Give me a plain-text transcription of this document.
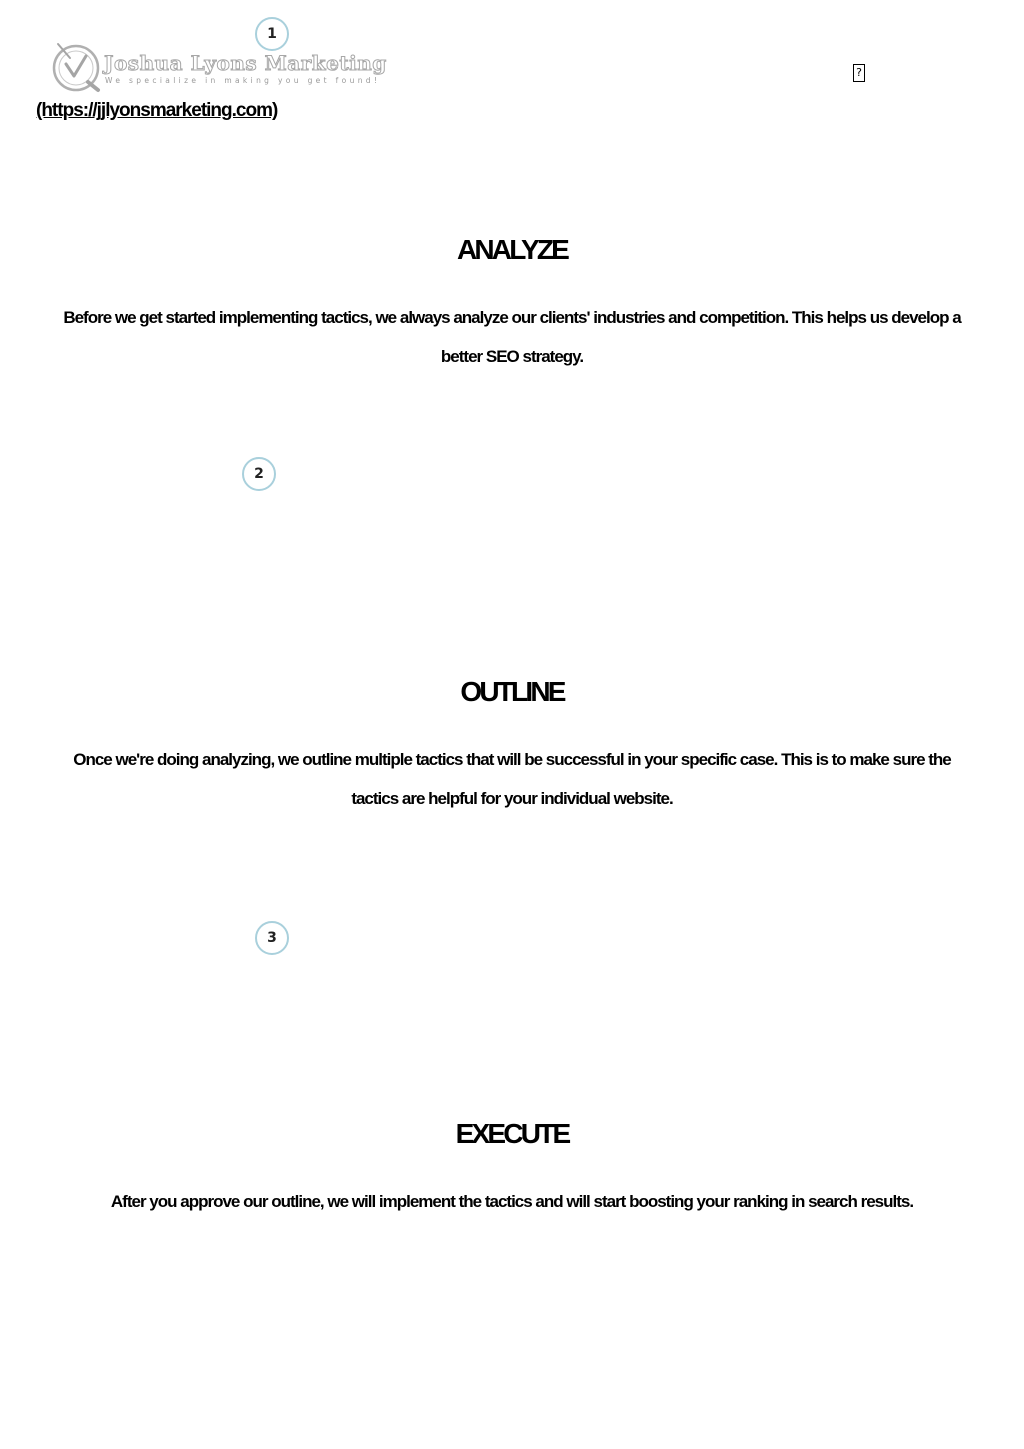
1
Joshua Lyons Marketing
We specialize in making you get found!
?
(https://jjlyonsmarketing.com)
ANALYZE

Before we get started implementing tactics, we always analyze our clients' industries and competition. This helps us develop a better SEO strategy.

2
OUTLINE

Once we're doing analyzing, we outline multiple tactics that will be successful in your specific case. This is to make sure the tactics are helpful for your individual website.

3
EXECUTE

After you approve our outline, we will implement the tactics and will start boosting your ranking in search results.
